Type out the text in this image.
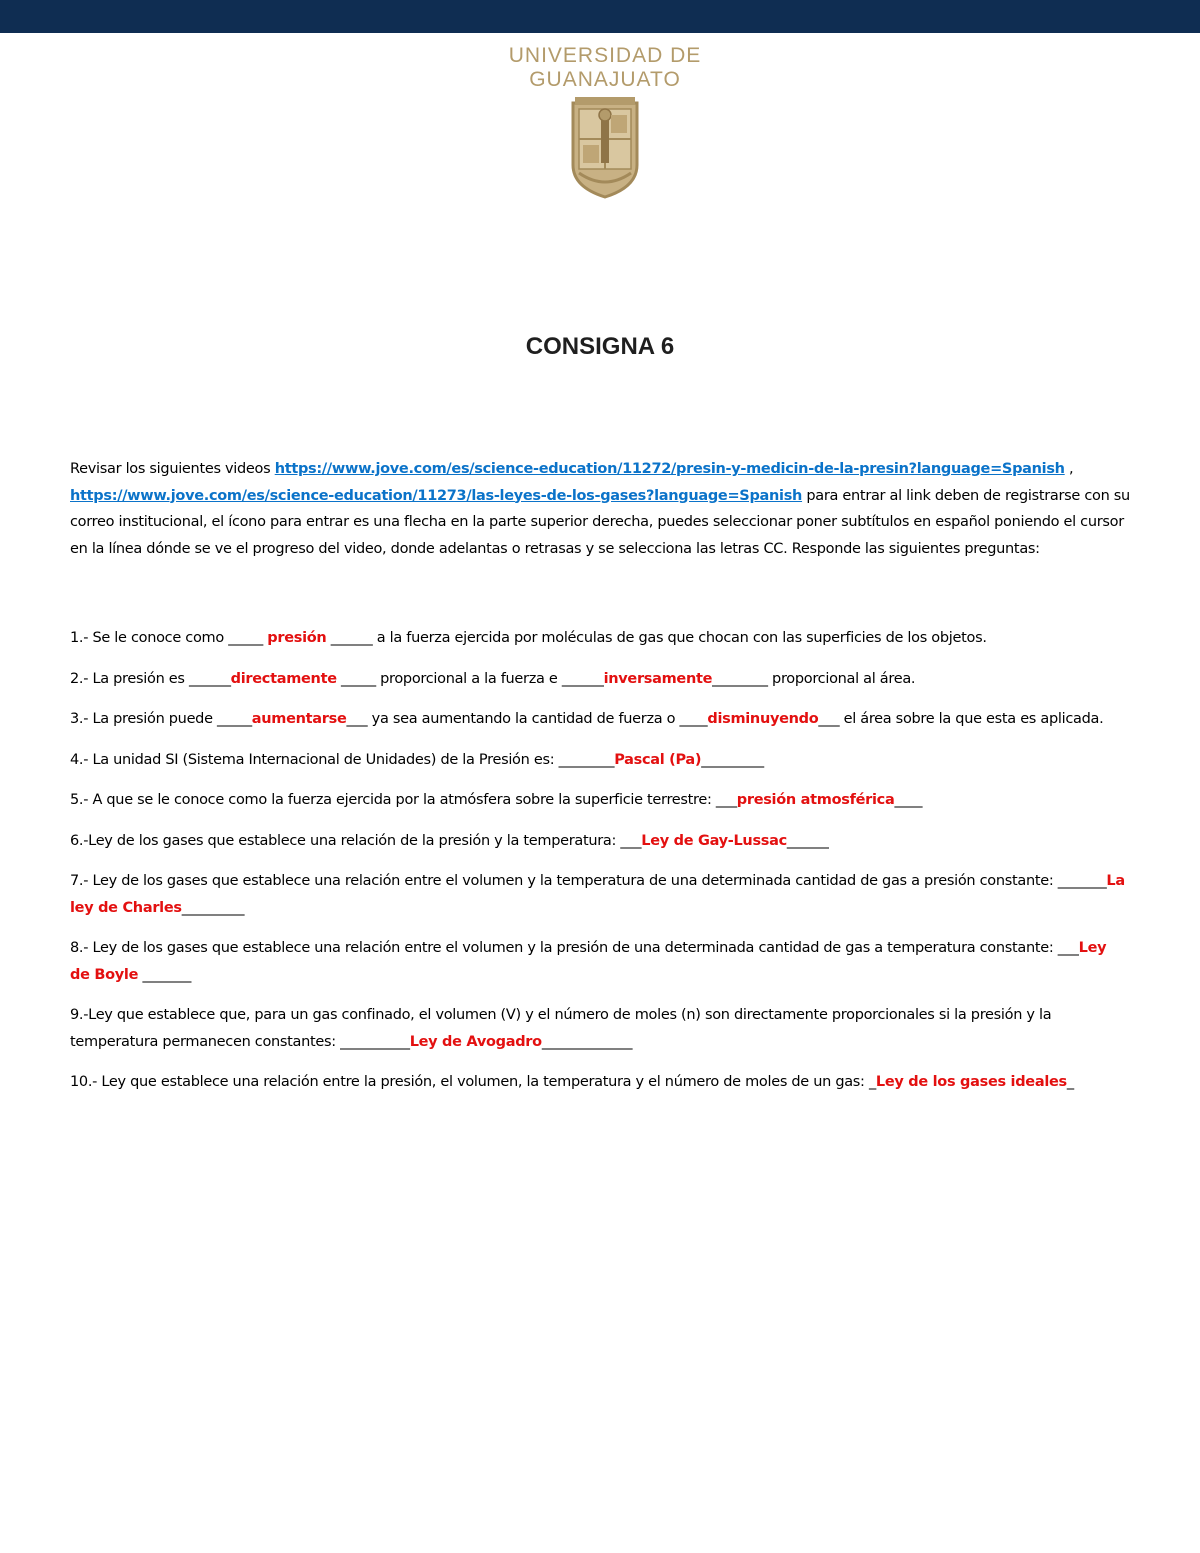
UNIVERSIDAD DE
GUANAJUATO
CONSIGNA 6

Revisar los siguientes videos https://www.jove.com/es/science-education/11272/presin-y-medicin-de-la-presin?language=Spanish , https://www.jove.com/es/science-education/11273/las-leyes-de-los-gases?language=Spanish para entrar al link deben de registrarse con su correo institucional, el ícono para entrar es una flecha en la parte superior derecha, puedes seleccionar poner subtítulos en español poniendo el cursor en la línea dónde se ve el progreso del video, donde adelantas o retrasas y se selecciona las letras CC. Responde las siguientes preguntas:

1.- Se le conoce como _____ presión ______ a la fuerza ejercida por moléculas de gas que chocan con las superficies de los objetos.

2.- La presión es ______directamente _____ proporcional a la fuerza e ______inversamente________ proporcional al área.

3.- La presión puede _____aumentarse___ ya sea aumentando la cantidad de fuerza o ____disminuyendo___ el área sobre la que esta es aplicada.

4.- La unidad SI (Sistema Internacional de Unidades) de la Presión es: ________Pascal (Pa)_________

5.- A que se le conoce como la fuerza ejercida por la atmósfera sobre la superficie terrestre: ___presión atmosférica____

6.-Ley de los gases que establece una relación de la presión y la temperatura: ___Ley de Gay-Lussac______

7.- Ley de los gases que establece una relación entre el volumen y la temperatura de una determinada cantidad de gas a presión constante: _______La ley de Charles_________

8.- Ley de los gases que establece una relación entre el volumen y la presión de una determinada cantidad de gas a temperatura constante: ___Ley de Boyle _______

9.-Ley que establece que, para un gas confinado, el volumen (V) y el número de moles (n) son directamente proporcionales si la presión y la temperatura permanecen constantes: __________Ley de Avogadro_____________

10.- Ley que establece una relación entre la presión, el volumen, la temperatura y el número de moles de un gas: _Ley de los gases ideales_
